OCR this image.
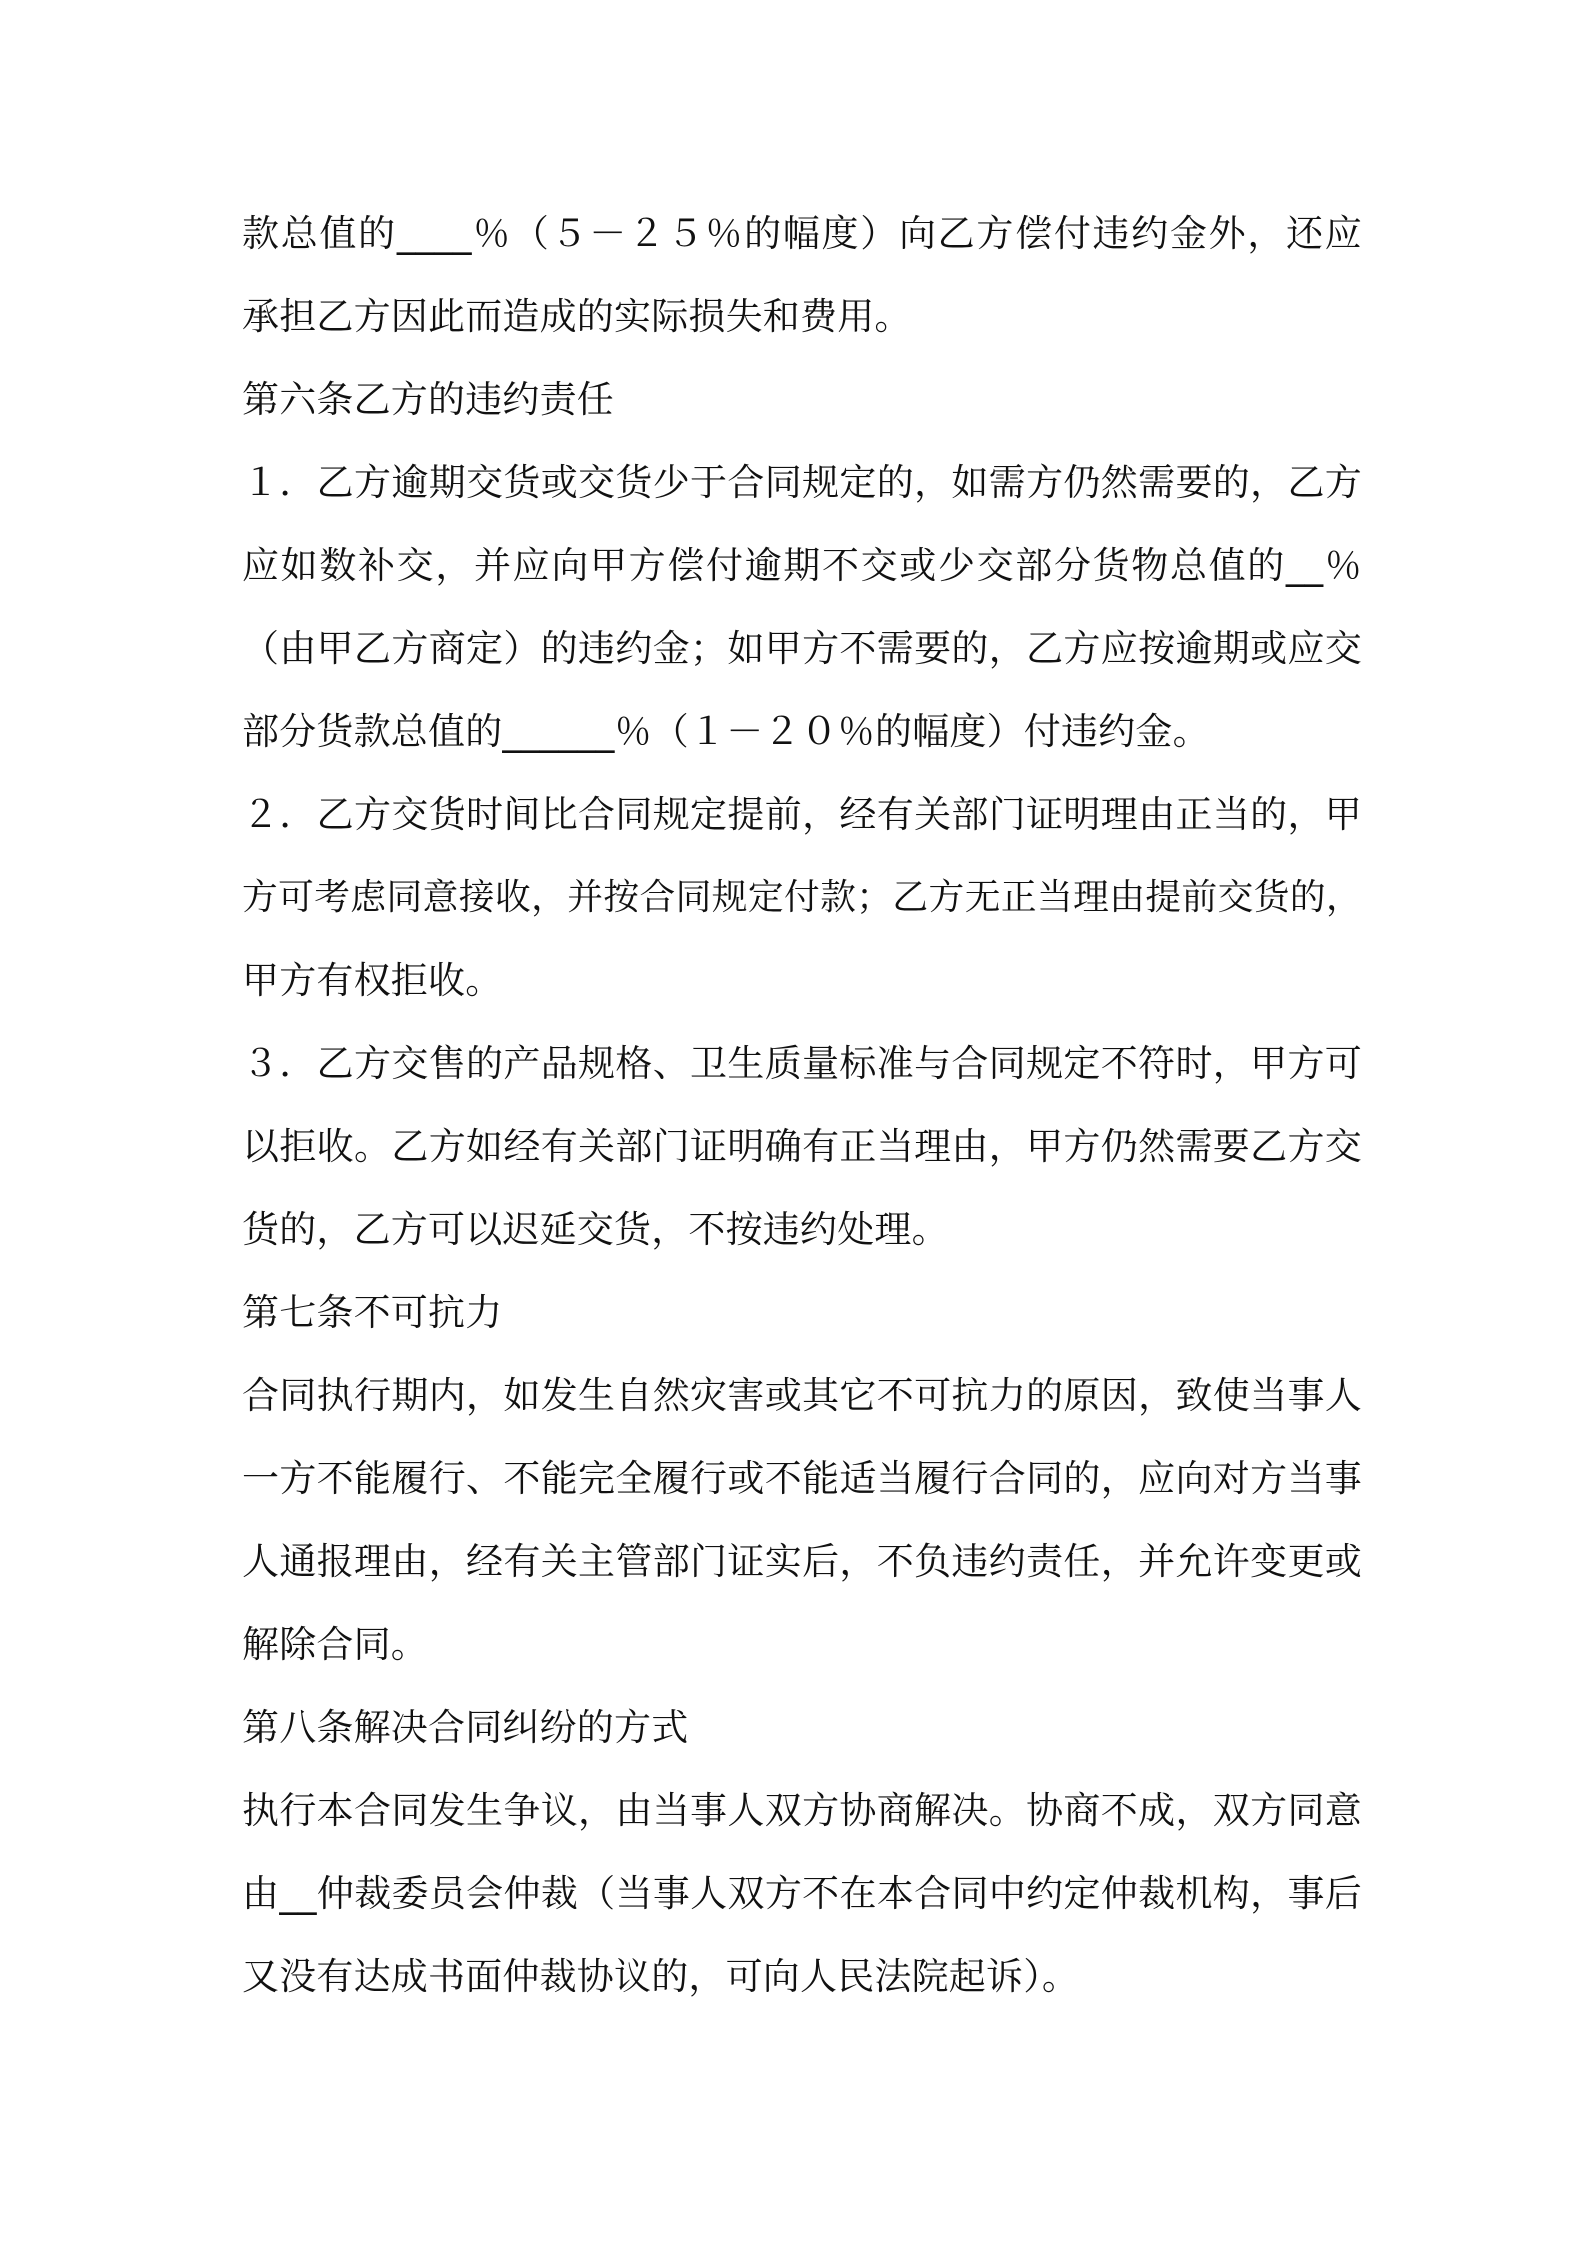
款总值的____％（５－２５％的幅度）向乙方偿付违约金外，还应
承担乙方因此而造成的实际损失和费用。
第六条乙方的违约责任
１．乙方逾期交货或交货少于合同规定的，如需方仍然需要的，乙方
应如数补交，并应向甲方偿付逾期不交或少交部分货物总值的__％
（由甲乙方商定）的违约金；如甲方不需要的，乙方应按逾期或应交
部分货款总值的______％（１－２０％的幅度）付违约金。
２．乙方交货时间比合同规定提前，经有关部门证明理由正当的，甲
方可考虑同意接收，并按合同规定付款；乙方无正当理由提前交货的，
甲方有权拒收。
３．乙方交售的产品规格、卫生质量标准与合同规定不符时，甲方可
以拒收。乙方如经有关部门证明确有正当理由，甲方仍然需要乙方交
货的，乙方可以迟延交货，不按违约处理。
第七条不可抗力
合同执行期内，如发生自然灾害或其它不可抗力的原因，致使当事人
一方不能履行、不能完全履行或不能适当履行合同的，应向对方当事
人通报理由，经有关主管部门证实后，不负违约责任，并允许变更或
解除合同。
第八条解决合同纠纷的方式
执行本合同发生争议，由当事人双方协商解决。协商不成，双方同意
由__仲裁委员会仲裁（当事人双方不在本合同中约定仲裁机构，事后
又没有达成书面仲裁协议的，可向人民法院起诉）。
